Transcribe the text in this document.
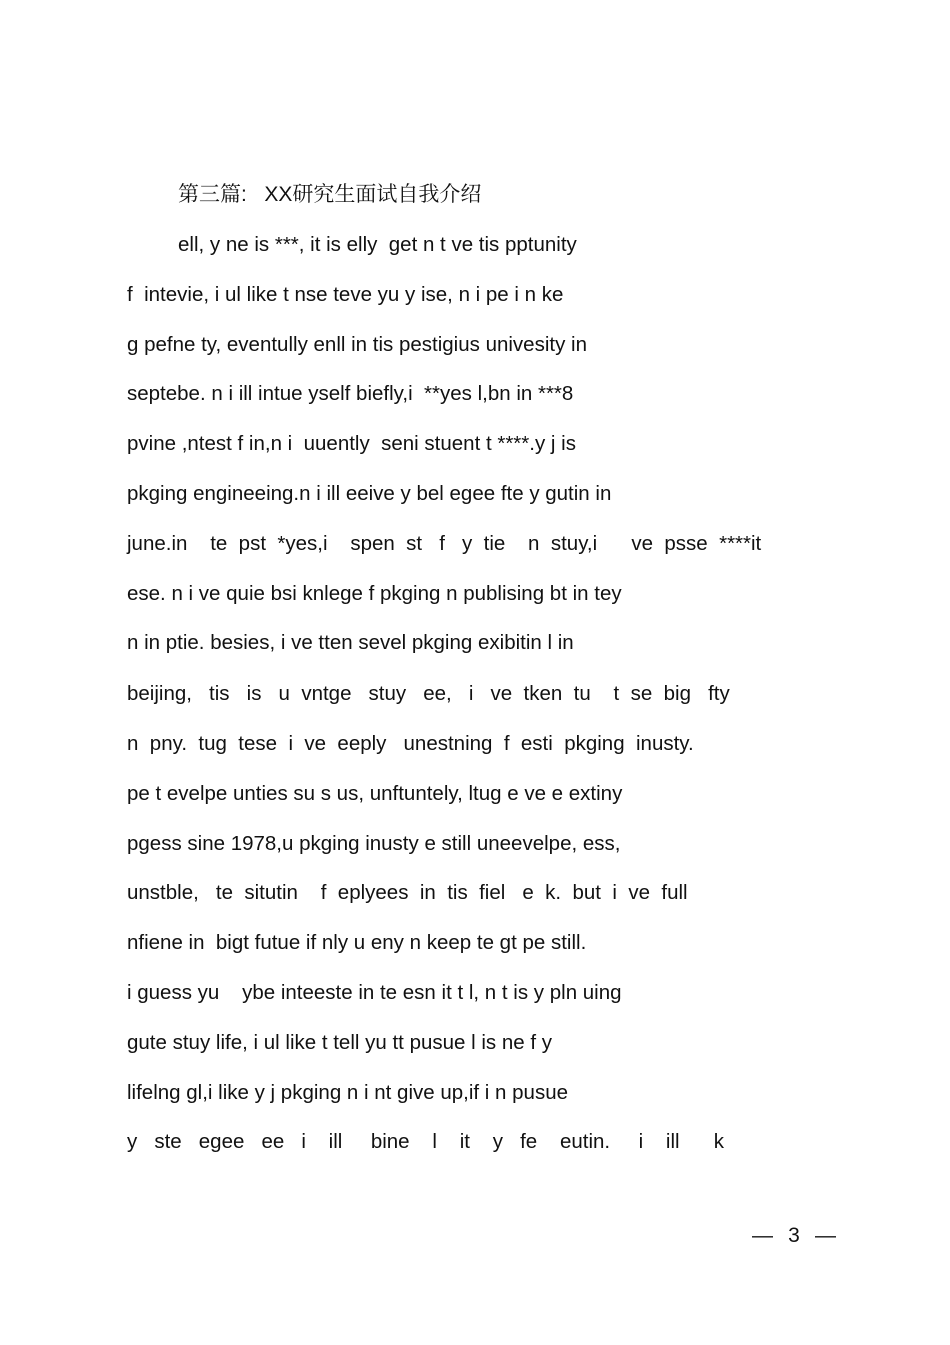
第三篇:   XX研究生面试自我介绍
ell, y ne is ***, it is elly  get n t ve tis pptunity
f  intevie, i ul like t nse teve yu y ise, n i pe i n ke
g pefne ty, eventully enll in tis pestigius univesity in
septebe. n i ill intue yself biefly,i  **yes l,bn in ***8
pvine ,ntest f in,n i  uuently  seni stuent t ****.y j is
pkging engineeing.n i ill eeive y bel egee fte y gutin in
june.in    te  pst  *yes,i    spen  st   f   y  tie    n  stuy,i      ve  psse  ****it
ese. n i ve quie bsi knlege f pkging n publising bt in tey
n in ptie. besies, i ve tten sevel pkging exibitin l in
beijing,   tis   is   u  vntge   stuy   ee,   i   ve  tken  tu    t  se  big   fty
n  pny.  tug  tese  i  ve  eeply   unestning  f  esti  pkging  inusty.
pe t evelpe unties su s us, unftuntely, ltug e ve e extiny
pgess sine 1978,u pkging inusty e still uneevelpe, ess,
unstble,   te  situtin    f  eplyees  in  tis  fiel   e  k.  but  i  ve  full
nfiene in  bigt futue if nly u eny n keep te gt pe still.
i guess yu    ybe inteeste in te esn it t l, n t is y pln uing
gute stuy life, i ul like t tell yu tt pusue l is ne f y
lifelng gl,i like y j pkging n i nt give up,if i n pusue
y   ste   egee   ee   i    ill     bine    l    it    y   fe    eutin.     i    ill      k
— 3 —
